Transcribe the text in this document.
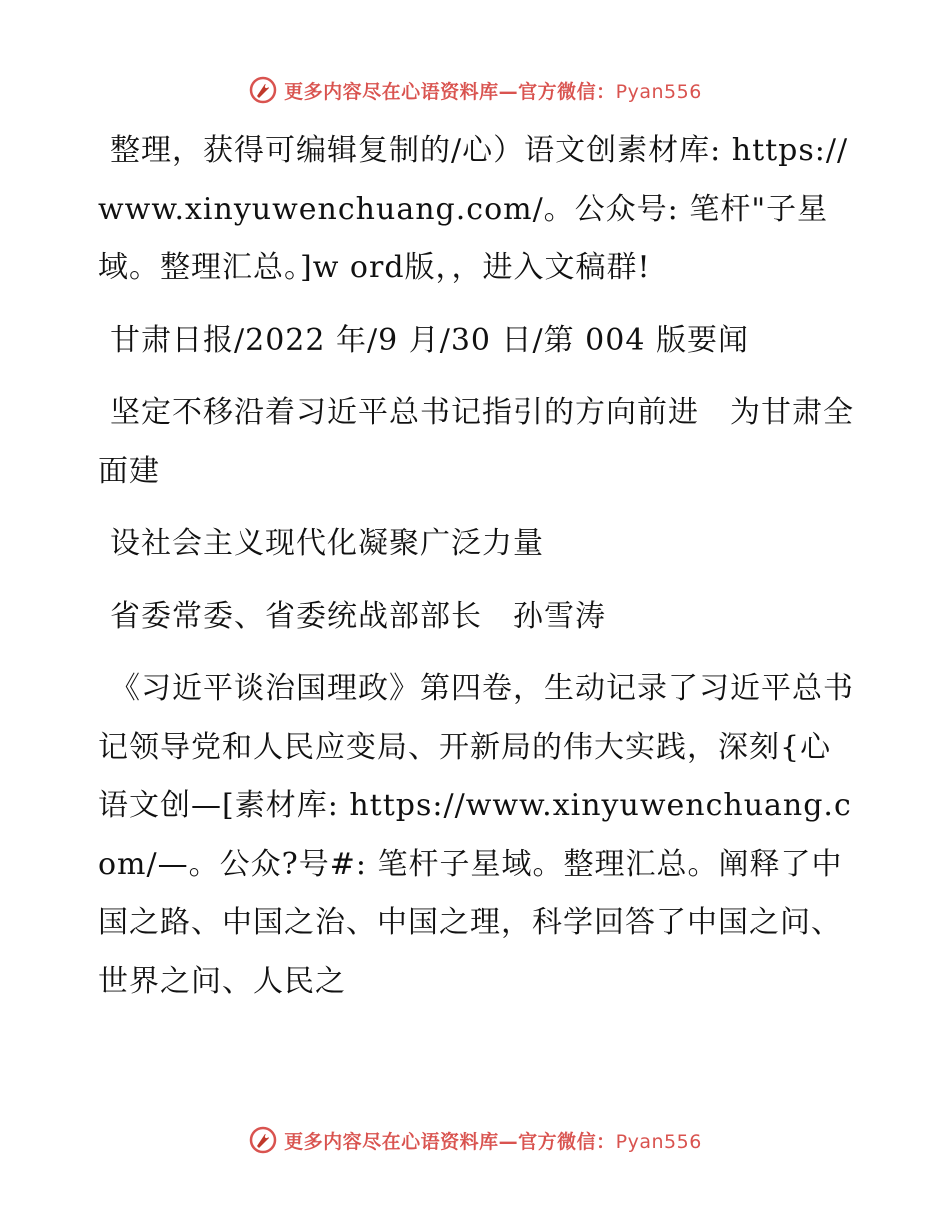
更多内容尽在心语资料库—官方微信：Pyan556

整理，获得可编辑复制的/心）语文创素材库: https://www.xinyuwenchuang.com/。公众号: 笔杆"子星域。整理汇总。]w ord版，，进入文稿群!

甘肃日报/2022 年/9 月/30 日/第 004 版要闻

坚定不移沿着习近平总书记指引的方向前进　为甘肃全面建

设社会主义现代化凝聚广泛力量

省委常委、省委统战部部长　孙雪涛

《习近平谈治国理政》第四卷，生动记录了习近平总书记领导党和人民应变局、开新局的伟大实践，深刻{心语文创—[素材库: https://www.xinyuwenchuang.com/—。公众?号#: 笔杆子星域。整理汇总。阐释了中国之路、中国之治、中国之理，科学回答了中国之问、世界之问、人民之

更多内容尽在心语资料库—官方微信：Pyan556
